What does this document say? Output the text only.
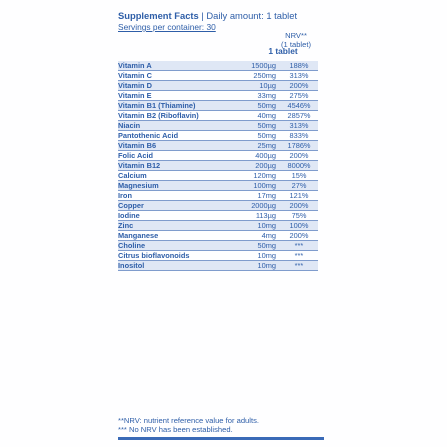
Supplement Facts | Daily amount: 1 tablet
Servings per container: 30
1 tablet
NRV** (1 tablet)
Vitamin A	1500µg	188%
Vitamin C	250mg	313%
Vitamin D	10µg	200%
Vitamin E	33mg	275%
Vitamin B1 (Thiamine)	50mg	4546%
Vitamin B2 (Riboflavin)	40mg	2857%
Niacin	50mg	313%
Pantothenic Acid	50mg	833%
Vitamin B6	25mg	1786%
Folic Acid	400µg	200%
Vitamin B12	200µg	8000%
Calcium	120mg	15%
Magnesium	100mg	27%
Iron	17mg	121%
Copper	2000µg	200%
Iodine	113µg	75%
Zinc	10mg	100%
Manganese	4mg	200%
Choline	50mg	***
Citrus bioflavonoids	10mg	***
Inositol	10mg	***
**NRV: nutrient reference value for adults.
*** No NRV has been established.
